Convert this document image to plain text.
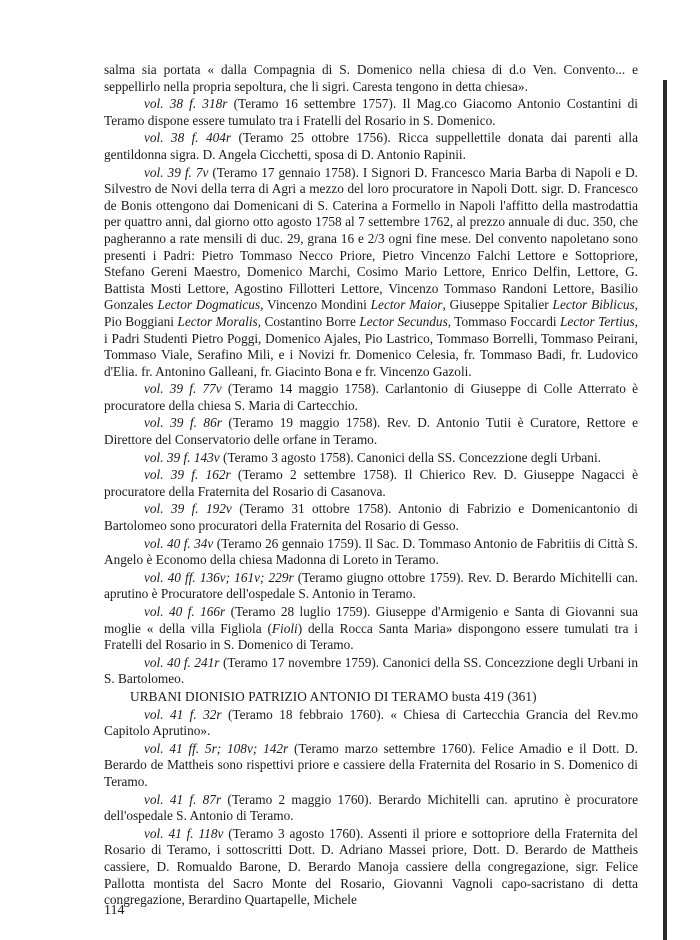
salma sia portata « dalla Compagnia di S. Domenico nella chiesa di d.o Ven. Convento... e seppellirlo nella propria sepoltura, che li sigri. Caresta tengono in detta chiesa».

vol. 38 f. 318r (Teramo 16 settembre 1757). Il Mag.co Giacomo Antonio Costantini di Teramo dispone essere tumulato tra i Fratelli del Rosario in S. Domenico.

vol. 38 f. 404r (Teramo 25 ottobre 1756). Ricca suppellettile donata dai parenti alla gentildonna sigra. D. Angela Cicchetti, sposa di D. Antonio Rapinii.

vol. 39 f. 7v (Teramo 17 gennaio 1758). I Signori D. Francesco Maria Barba di Napoli e D. Silvestro de Novi della terra di Agri a mezzo del loro procuratore in Napoli Dott. sigr. D. Francesco de Bonis ottengono dai Domenicani di S. Caterina a Formello in Napoli l'affitto della mastrodattia per quattro anni, dal giorno otto agosto 1758 al 7 settembre 1762, al prezzo annuale di duc. 350, che pagheranno a rate mensili di duc. 29, grana 16 e 2/3 ogni fine mese. Del convento napoletano sono presenti i Padri: Pietro Tommaso Necco Priore, Pietro Vincenzo Falchi Lettore e Sottopriore, Stefano Gereni Maestro, Domenico Marchi, Cosimo Mario Lettore, Enrico Delfin, Lettore, G. Battista Mosti Lettore, Agostino Fillotteri Lettore, Vincenzo Tommaso Randoni Lettore, Basilio Gonzales Lector Dogmaticus, Vincenzo Mondini Lector Maior, Giuseppe Spitalier Lector Biblicus, Pio Boggiani Lector Moralis, Costantino Borre Lector Secundus, Tommaso Foccardi Lector Tertius, i Padri Studenti Pietro Poggi, Domenico Ajales, Pio Lastrico, Tommaso Borrelli, Tommaso Peirani, Tommaso Viale, Serafino Mili, e i Novizi fr. Domenico Celesia, fr. Tommaso Badi, fr. Ludovico d'Elia. fr. Antonino Galleani, fr. Giacinto Bona e fr. Vincenzo Gazoli.

vol. 39 f. 77v (Teramo 14 maggio 1758). Carlantonio di Giuseppe di Colle Atterrato è procuratore della chiesa S. Maria di Cartecchio.

vol. 39 f. 86r (Teramo 19 maggio 1758). Rev. D. Antonio Tutii è Curatore, Rettore e Direttore del Conservatorio delle orfane in Teramo.

vol. 39 f. 143v (Teramo 3 agosto 1758). Canonici della SS. Concezzione degli Urbani.

vol. 39 f. 162r (Teramo 2 settembre 1758). Il Chierico Rev. D. Giuseppe Nagacci è procuratore della Fraternita del Rosario di Casanova.

vol. 39 f. 192v (Teramo 31 ottobre 1758). Antonio di Fabrizio e Domenicantonio di Bartolomeo sono procuratori della Fraternita del Rosario di Gesso.

vol. 40 f. 34v (Teramo 26 gennaio 1759). Il Sac. D. Tommaso Antonio de Fabritiis di Città S. Angelo è Economo della chiesa Madonna di Loreto in Teramo.

vol. 40 ff. 136v; 161v; 229r (Teramo giugno ottobre 1759). Rev. D. Berardo Michitelli can. aprutino è Procuratore dell'ospedale S. Antonio in Teramo.

vol. 40 f. 166r (Teramo 28 luglio 1759). Giuseppe d'Armigenio e Santa di Giovanni sua moglie « della villa Figliola (Fioli) della Rocca Santa Maria» dispongono essere tumulati tra i Fratelli del Rosario in S. Domenico di Teramo.

vol. 40 f. 241r (Teramo 17 novembre 1759). Canonici della SS. Concezzione degli Urbani in S. Bartolomeo.

URBANI DIONISIO PATRIZIO ANTONIO DI TERAMO busta 419 (361)

vol. 41 f. 32r (Teramo 18 febbraio 1760). « Chiesa di Cartecchia Grancia del Rev.mo Capitolo Aprutino».

vol. 41 ff. 5r; 108v; 142r (Teramo marzo settembre 1760). Felice Amadio e il Dott. D. Berardo de Mattheis sono rispettivi priore e cassiere della Fraternita del Rosario in S. Domenico di Teramo.

vol. 41 f. 87r (Teramo 2 maggio 1760). Berardo Michitelli can. aprutino è procuratore dell'ospedale S. Antonio di Teramo.

vol. 41 f. 118v (Teramo 3 agosto 1760). Assenti il priore e sottopriore della Fraternita del Rosario di Teramo, i sottoscritti Dott. D. Adriano Massei priore, Dott. D. Berardo de Mattheis cassiere, D. Romualdo Barone, D. Berardo Manoja cassiere della congregazione, sigr. Felice Pallotta montista del Sacro Monte del Rosario, Giovanni Vagnoli capo-sacristano di detta congregazione, Berardino Quartapelle, Michele

114
